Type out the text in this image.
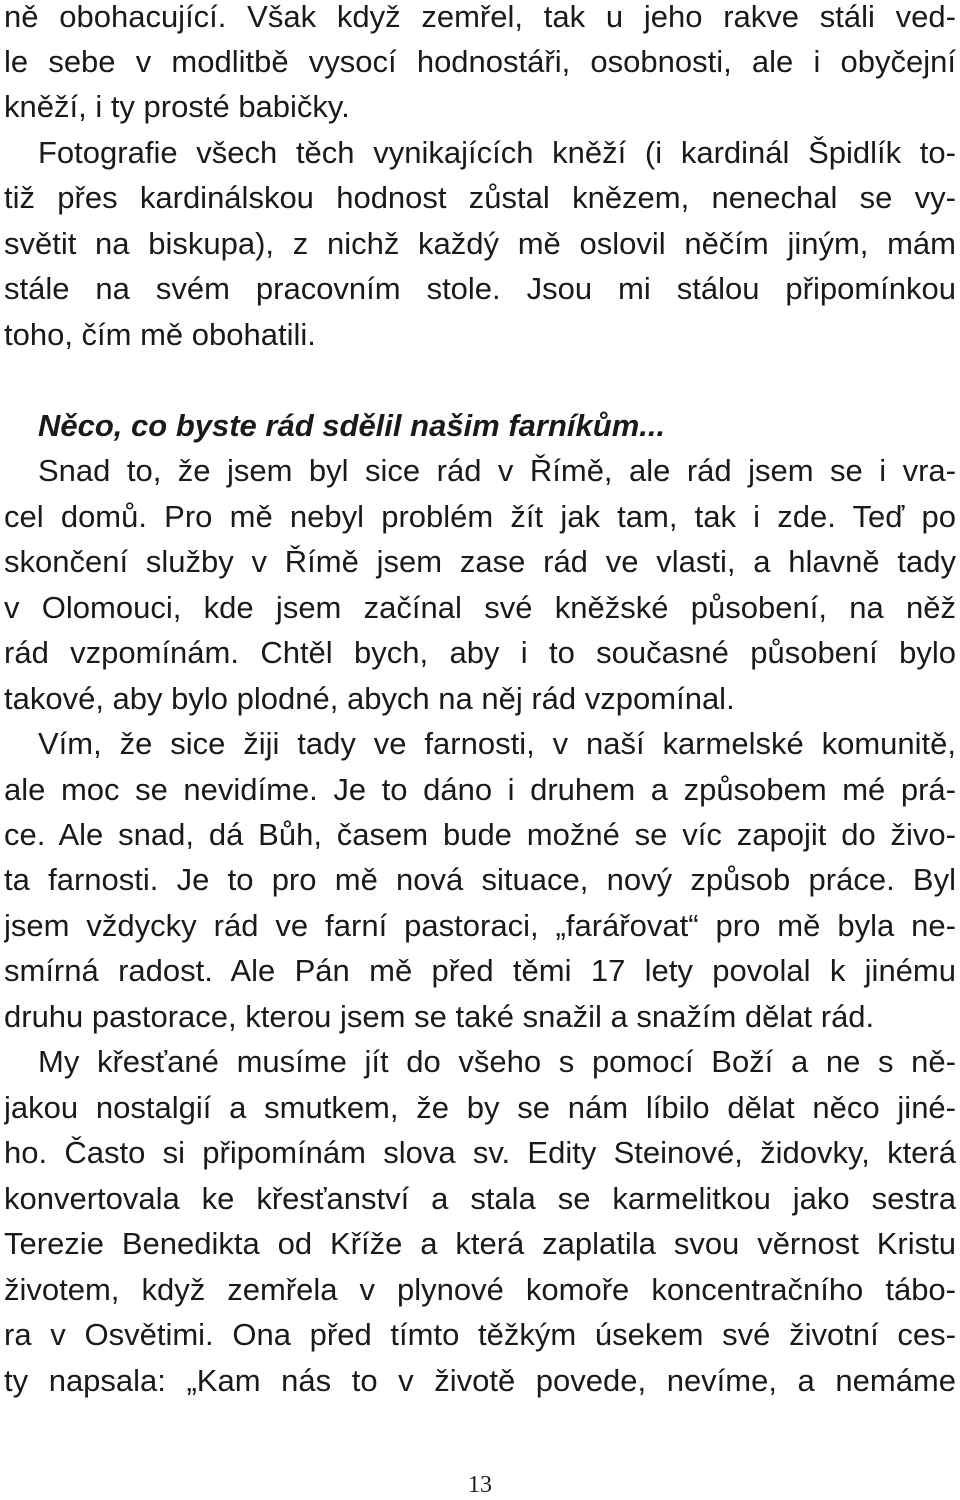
ně obohacující. Však když zemřel, tak u jeho rakve stáli ved-
le sebe v modlitbě vysocí hodnostáři, osobnosti, ale i obyčejní
kněží, i ty prosté babičky.
Fotografie všech těch vynikajících kněží (i kardinál Špidlík to-
tiž přes kardinálskou hodnost zůstal knězem, nenechal se vy-
světit na biskupa), z nichž každý mě oslovil něčím jiným, mám
stále na svém pracovním stole. Jsou mi stálou připomínkou
toho, čím mě obohatili.
Něco, co byste rád sdělil našim farníkům...
Snad to, že jsem byl sice rád v Římě, ale rád jsem se i vra-
cel domů. Pro mě nebyl problém žít jak tam, tak i zde. Teď po
skončení služby v Římě jsem zase rád ve vlasti, a hlavně tady
v Olomouci, kde jsem začínal své kněžské působení, na něž
rád vzpomínám. Chtěl bych, aby i to současné působení bylo
takové, aby bylo plodné, abych na něj rád vzpomínal.
Vím, že sice žiji tady ve farnosti, v naší karmelské komunitě,
ale moc se nevidíme. Je to dáno i druhem a způsobem mé prá-
ce. Ale snad, dá Bůh, časem bude možné se víc zapojit do živo-
ta farnosti. Je to pro mě nová situace, nový způsob práce. Byl
jsem vždycky rád ve farní pastoraci, „farářovat“ pro mě byla ne-
smírná radost. Ale Pán mě před těmi 17 lety povolal k jinému
druhu pastorace, kterou jsem se také snažil a snažím dělat rád.
My křesťané musíme jít do všeho s pomocí Boží a ne s ně-
jakou nostalgií a smutkem, že by se nám líbilo dělat něco jiné-
ho. Často si připomínám slova sv. Edity Steinové, židovky, která
konvertovala ke křesťanství a stala se karmelitkou jako sestra
Terezie Benedikta od Kříže a která zaplatila svou věrnost Kristu
životem, když zemřela v plynové komoře koncentračního tábo-
ra v Osvětimi. Ona před tímto těžkým úsekem své životní ces-
ty napsala: „Kam nás to v životě povede, nevíme, a nemáme
13
